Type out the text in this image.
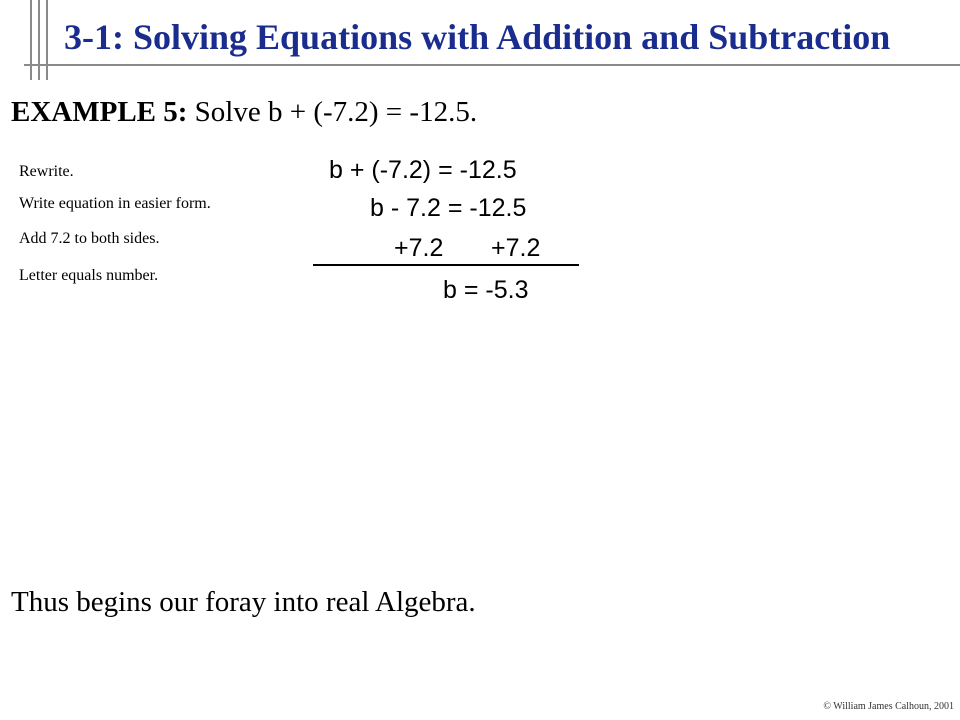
3-1: Solving Equations with Addition and Subtraction
EXAMPLE 5: Solve b + (-7.2) = -12.5.
Rewrite.
Write equation in easier form.
Add 7.2 to both sides.
Letter equals number.
b + (-7.2) = -12.5
b - 7.2 = -12.5
+7.2 +7.2
b = -5.3
Thus begins our foray into real Algebra.
© William James Calhoun, 2001
